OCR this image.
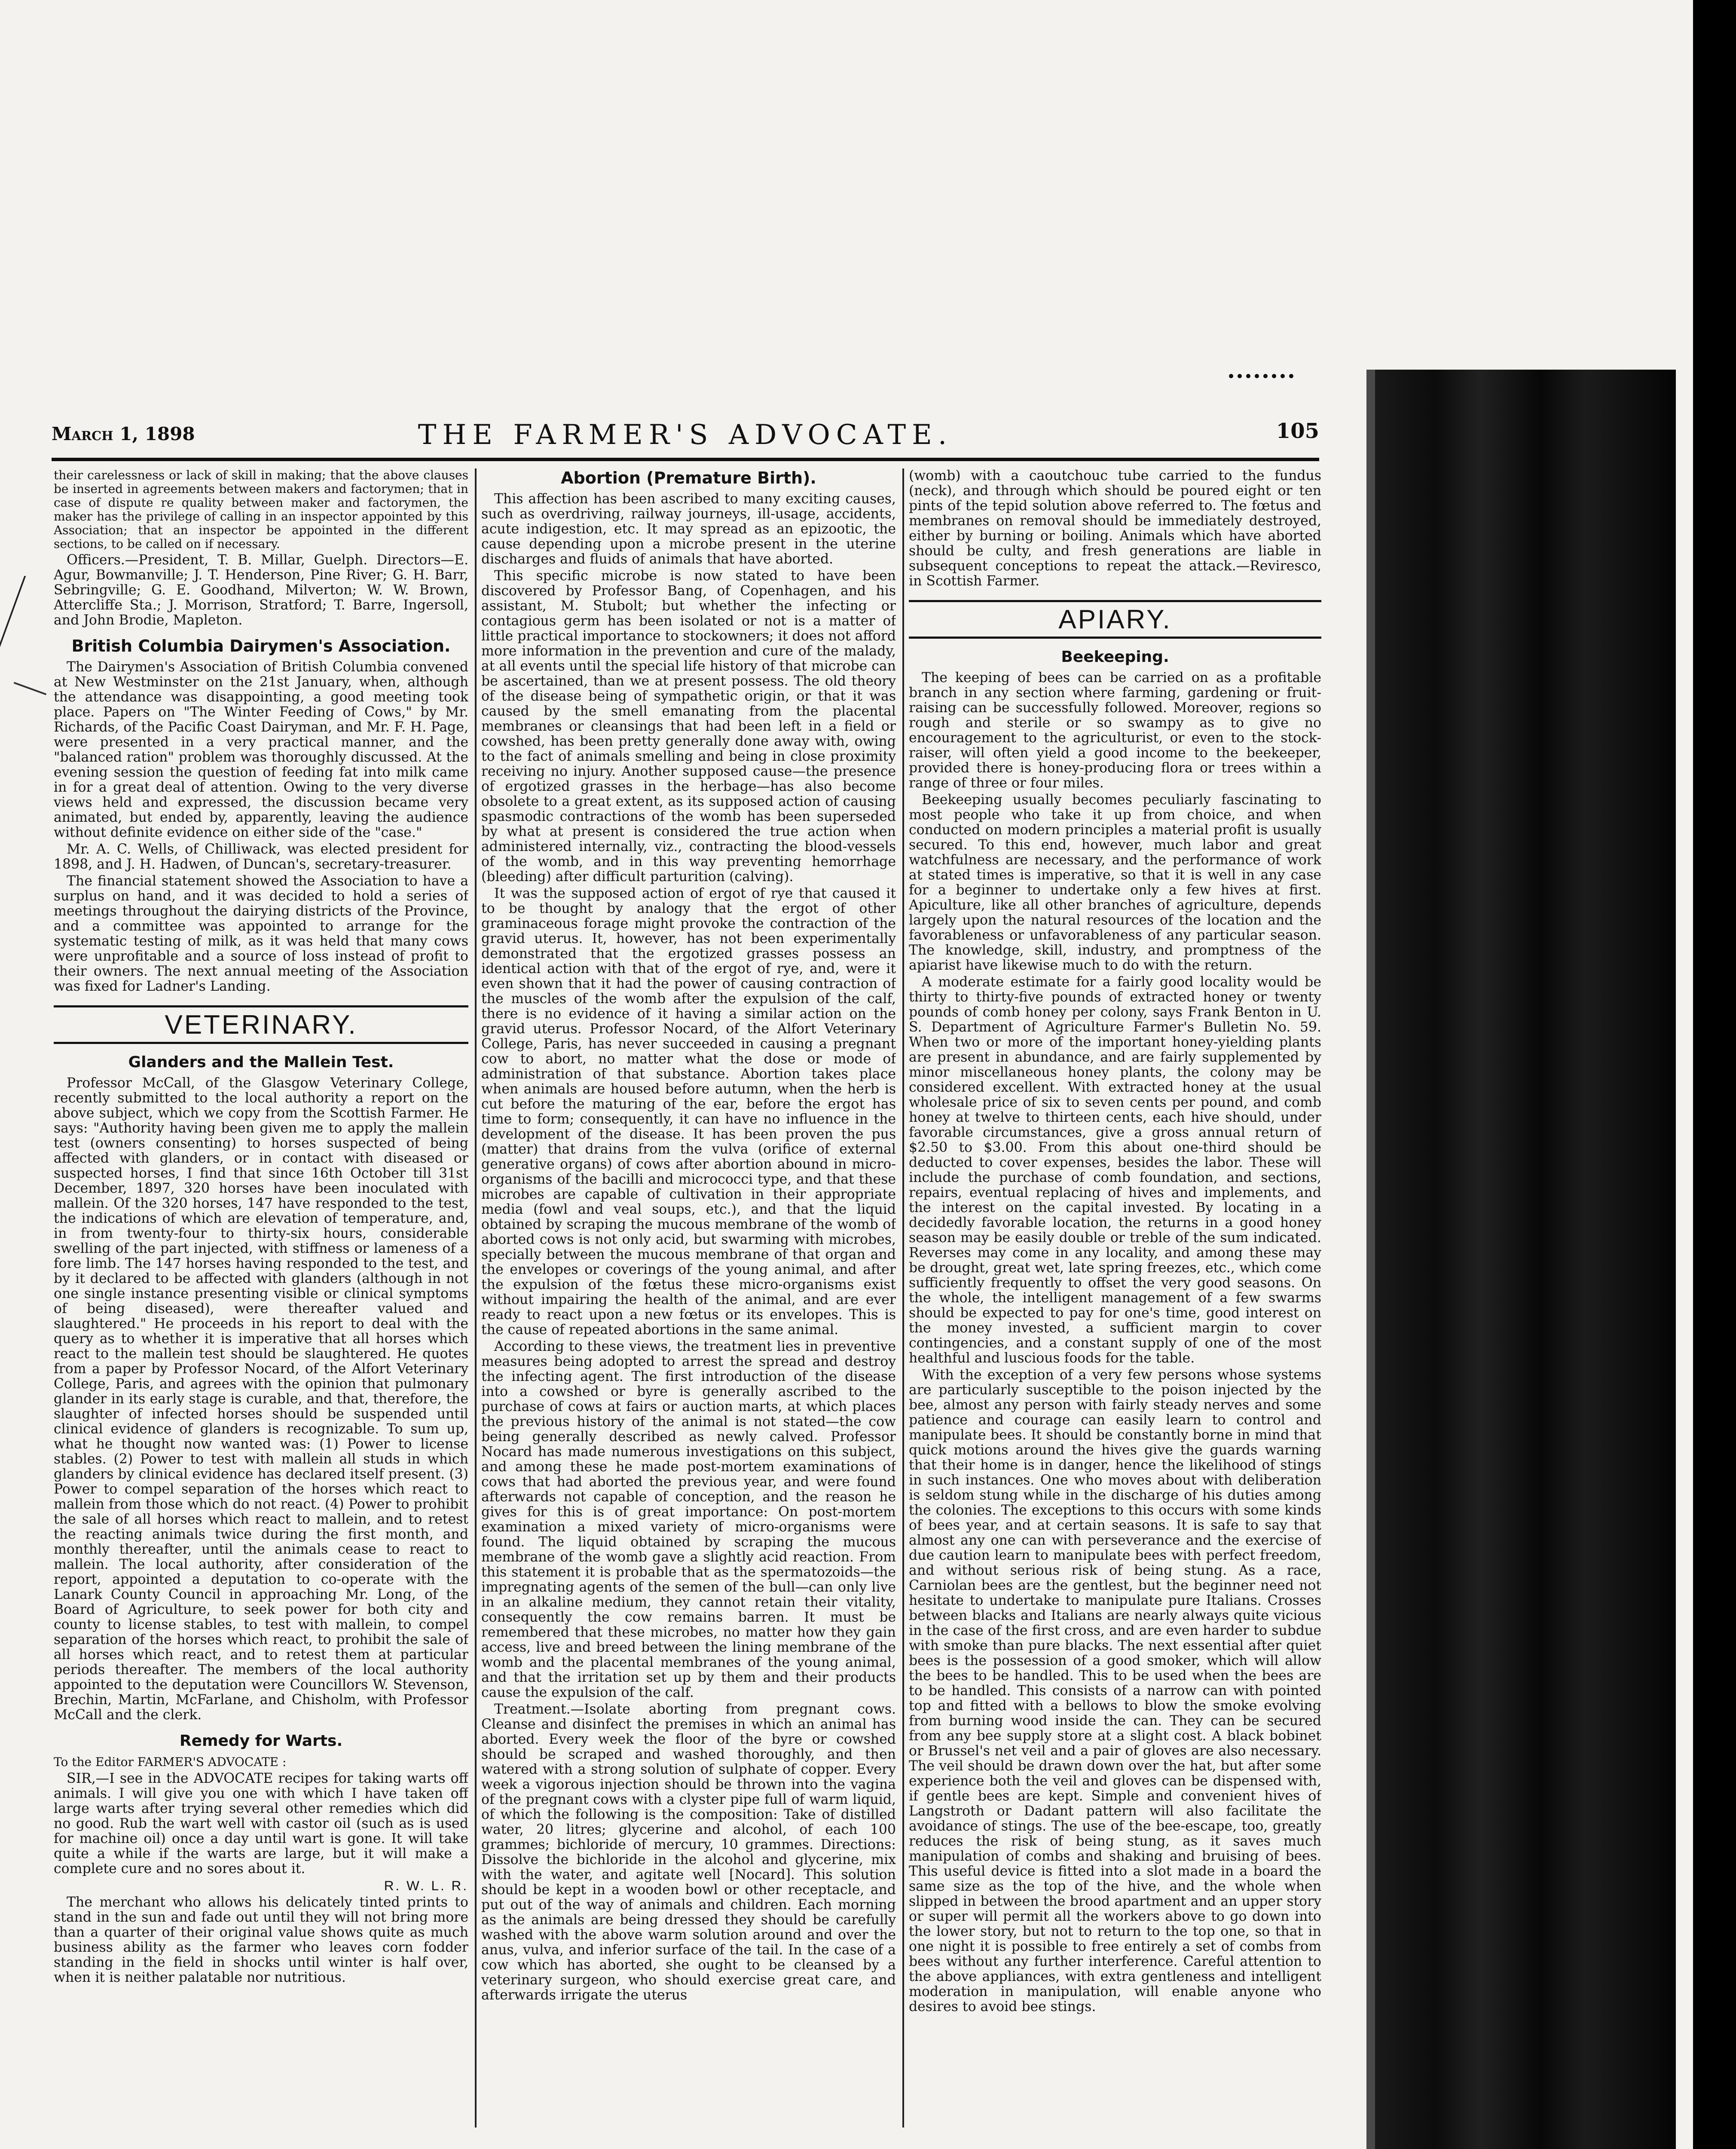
March 1, 1898	THE FARMER'S ADVOCATE.	105

their carelessness or lack of skill in making; that the above clauses be inserted in agreements between makers and factorymen; that in case of dispute re quality between maker and factorymen, the maker has the privilege of calling in an inspector appointed by this Association; that an inspector be appointed in the different sections, to be called on if necessary.

Officers.—President, T. B. Millar, Guelph. Directors—E. Agur, Bowmanville; J. T. Henderson, Pine River; G. H. Barr, Sebringville; G. E. Goodhand, Milverton; W. W. Brown, Attercliffe Sta.; J. Morrison, Stratford; T. Barre, Ingersoll, and John Brodie, Mapleton.

British Columbia Dairymen's Association.

The Dairymen's Association of British Columbia convened at New Westminster on the 21st January, when, although the attendance was disappointing, a good meeting took place. Papers on "The Winter Feeding of Cows," by Mr. Richards, of the Pacific Coast Dairyman, and Mr. F. H. Page, were presented in a very practical manner, and the "balanced ration" problem was thoroughly discussed. At the evening session the question of feeding fat into milk came in for a great deal of attention. Owing to the very diverse views held and expressed, the discussion became very animated, but ended by, apparently, leaving the audience without definite evidence on either side of the "case."

Mr. A. C. Wells, of Chilliwack, was elected president for 1898, and J. H. Hadwen, of Duncan's, secretary-treasurer.

The financial statement showed the Association to have a surplus on hand, and it was decided to hold a series of meetings throughout the dairying districts of the Province, and a committee was appointed to arrange for the systematic testing of milk, as it was held that many cows were unprofitable and a source of loss instead of profit to their owners. The next annual meeting of the Association was fixed for Ladner's Landing.

VETERINARY.
Glanders and the Mallein Test.

Professor McCall, of the Glasgow Veterinary College, recently submitted to the local authority a report on the above subject, which we copy from the Scottish Farmer. He says: "Authority having been given me to apply the mallein test (owners consenting) to horses suspected of being affected with glanders, or in contact with diseased or suspected horses, I find that since 16th October till 31st December, 1897, 320 horses have been inoculated with mallein. Of the 320 horses, 147 have responded to the test, the indications of which are elevation of temperature, and, in from twenty-four to thirty-six hours, considerable swelling of the part injected, with stiffness or lameness of a fore limb. The 147 horses having responded to the test, and by it declared to be affected with glanders (although in not one single instance presenting visible or clinical symptoms of being diseased), were thereafter valued and slaughtered." He proceeds in his report to deal with the query as to whether it is imperative that all horses which react to the mallein test should be slaughtered. He quotes from a paper by Professor Nocard, of the Alfort Veterinary College, Paris, and agrees with the opinion that pulmonary glander in its early stage is curable, and that, therefore, the slaughter of infected horses should be suspended until clinical evidence of glanders is recognizable. To sum up, what he thought now wanted was: (1) Power to license stables. (2) Power to test with mallein all studs in which glanders by clinical evidence has declared itself present. (3) Power to compel separation of the horses which react to mallein from those which do not react. (4) Power to prohibit the sale of all horses which react to mallein, and to retest the reacting animals twice during the first month, and monthly thereafter, until the animals cease to react to mallein. The local authority, after consideration of the report, appointed a deputation to co-operate with the Lanark County Council in approaching Mr. Long, of the Board of Agriculture, to seek power for both city and county to license stables, to test with mallein, to compel separation of the horses which react, to prohibit the sale of all horses which react, and to retest them at particular periods thereafter. The members of the local authority appointed to the deputation were Councillors W. Stevenson, Brechin, Martin, McFarlane, and Chisholm, with Professor McCall and the clerk.

Remedy for Warts.

To the Editor FARMER'S ADVOCATE :

SIR,—I see in the ADVOCATE recipes for taking warts off animals. I will give you one with which I have taken off large warts after trying several other remedies which did no good. Rub the wart well with castor oil (such as is used for machine oil) once a day until wart is gone. It will take quite a while if the warts are large, but it will make a complete cure and no sores about it.

R. W. L. R.

The merchant who allows his delicately tinted prints to stand in the sun and fade out until they will not bring more than a quarter of their original value shows quite as much business ability as the farmer who leaves corn fodder standing in the field in shocks until winter is half over, when it is neither palatable nor nutritious.

Abortion (Premature Birth).

This affection has been ascribed to many exciting causes, such as overdriving, railway journeys, ill-usage, accidents, acute indigestion, etc. It may spread as an epizootic, the cause depending upon a microbe present in the uterine discharges and fluids of animals that have aborted.

This specific microbe is now stated to have been discovered by Professor Bang, of Copenhagen, and his assistant, M. Stubolt; but whether the infecting or contagious germ has been isolated or not is a matter of little practical importance to stockowners; it does not afford more information in the prevention and cure of the malady, at all events until the special life history of that microbe can be ascertained, than we at present possess. The old theory of the disease being of sympathetic origin, or that it was caused by the smell emanating from the placental membranes or cleansings that had been left in a field or cowshed, has been pretty generally done away with, owing to the fact of animals smelling and being in close proximity receiving no injury. Another supposed cause—the presence of ergotized grasses in the herbage—has also become obsolete to a great extent, as its supposed action of causing spasmodic contractions of the womb has been superseded by what at present is considered the true action when administered internally, viz., contracting the blood-vessels of the womb, and in this way preventing hemorrhage (bleeding) after difficult parturition (calving).

It was the supposed action of ergot of rye that caused it to be thought by analogy that the ergot of other graminaceous forage might provoke the contraction of the gravid uterus. It, however, has not been experimentally demonstrated that the ergotized grasses possess an identical action with that of the ergot of rye, and, were it even shown that it had the power of causing contraction of the muscles of the womb after the expulsion of the calf, there is no evidence of it having a similar action on the gravid uterus. Professor Nocard, of the Alfort Veterinary College, Paris, has never succeeded in causing a pregnant cow to abort, no matter what the dose or mode of administration of that substance. Abortion takes place when animals are housed before autumn, when the herb is cut before the maturing of the ear, before the ergot has time to form; consequently, it can have no influence in the development of the disease. It has been proven the pus (matter) that drains from the vulva (orifice of external generative organs) of cows after abortion abound in micro-organisms of the bacilli and micrococci type, and that these microbes are capable of cultivation in their appropriate media (fowl and veal soups, etc.), and that the liquid obtained by scraping the mucous membrane of the womb of aborted cows is not only acid, but swarming with microbes, specially between the mucous membrane of that organ and the envelopes or coverings of the young animal, and after the expulsion of the fœtus these micro-organisms exist without impairing the health of the animal, and are ever ready to react upon a new fœtus or its envelopes. This is the cause of repeated abortions in the same animal.

According to these views, the treatment lies in preventive measures being adopted to arrest the spread and destroy the infecting agent. The first introduction of the disease into a cowshed or byre is generally ascribed to the purchase of cows at fairs or auction marts, at which places the previous history of the animal is not stated—the cow being generally described as newly calved. Professor Nocard has made numerous investigations on this subject, and among these he made post-mortem examinations of cows that had aborted the previous year, and were found afterwards not capable of conception, and the reason he gives for this is of great importance: On post-mortem examination a mixed variety of micro-organisms were found. The liquid obtained by scraping the mucous membrane of the womb gave a slightly acid reaction. From this statement it is probable that as the spermatozoids—the impregnating agents of the semen of the bull—can only live in an alkaline medium, they cannot retain their vitality, consequently the cow remains barren. It must be remembered that these microbes, no matter how they gain access, live and breed between the lining membrane of the womb and the placental membranes of the young animal, and that the irritation set up by them and their products cause the expulsion of the calf.

Treatment.—Isolate aborting from pregnant cows. Cleanse and disinfect the premises in which an animal has aborted. Every week the floor of the byre or cowshed should be scraped and washed thoroughly, and then watered with a strong solution of sulphate of copper. Every week a vigorous injection should be thrown into the vagina of the pregnant cows with a clyster pipe full of warm liquid, of which the following is the composition: Take of distilled water, 20 litres; glycerine and alcohol, of each 100 grammes; bichloride of mercury, 10 grammes. Directions: Dissolve the bichloride in the alcohol and glycerine, mix with the water, and agitate well [Nocard]. This solution should be kept in a wooden bowl or other receptacle, and put out of the way of animals and children. Each morning as the animals are being dressed they should be carefully washed with the above warm solution around and over the anus, vulva, and inferior surface of the tail. In the case of a cow which has aborted, she ought to be cleansed by a veterinary surgeon, who should exercise great care, and afterwards irrigate the uterus

(womb) with a caoutchouc tube carried to the fundus (neck), and through which should be poured eight or ten pints of the tepid solution above referred to. The fœtus and membranes on removal should be immediately destroyed, either by burning or boiling. Animals which have aborted should be culty, and fresh generations are liable in subsequent conceptions to repeat the attack.—Reviresco, in Scottish Farmer.

APIARY.
Beekeeping.

The keeping of bees can be carried on as a profitable branch in any section where farming, gardening or fruit-raising can be successfully followed. Moreover, regions so rough and sterile or so swampy as to give no encouragement to the agriculturist, or even to the stock-raiser, will often yield a good income to the beekeeper, provided there is honey-producing flora or trees within a range of three or four miles.

Beekeeping usually becomes peculiarly fascinating to most people who take it up from choice, and when conducted on modern principles a material profit is usually secured. To this end, however, much labor and great watchfulness are necessary, and the performance of work at stated times is imperative, so that it is well in any case for a beginner to undertake only a few hives at first. Apiculture, like all other branches of agriculture, depends largely upon the natural resources of the location and the favorableness or unfavorableness of any particular season. The knowledge, skill, industry, and promptness of the apiarist have likewise much to do with the return.

A moderate estimate for a fairly good locality would be thirty to thirty-five pounds of extracted honey or twenty pounds of comb honey per colony, says Frank Benton in U. S. Department of Agriculture Farmer's Bulletin No. 59. When two or more of the important honey-yielding plants are present in abundance, and are fairly supplemented by minor miscellaneous honey plants, the colony may be considered excellent. With extracted honey at the usual wholesale price of six to seven cents per pound, and comb honey at twelve to thirteen cents, each hive should, under favorable circumstances, give a gross annual return of $2.50 to $3.00. From this about one-third should be deducted to cover expenses, besides the labor. These will include the purchase of comb foundation, and sections, repairs, eventual replacing of hives and implements, and the interest on the capital invested. By locating in a decidedly favorable location, the returns in a good honey season may be easily double or treble of the sum indicated. Reverses may come in any locality, and among these may be drought, great wet, late spring freezes, etc., which come sufficiently frequently to offset the very good seasons. On the whole, the intelligent management of a few swarms should be expected to pay for one's time, good interest on the money invested, a sufficient margin to cover contingencies, and a constant supply of one of the most healthful and luscious foods for the table.

With the exception of a very few persons whose systems are particularly susceptible to the poison injected by the bee, almost any person with fairly steady nerves and some patience and courage can easily learn to control and manipulate bees. It should be constantly borne in mind that quick motions around the hives give the guards warning that their home is in danger, hence the likelihood of stings in such instances. One who moves about with deliberation is seldom stung while in the discharge of his duties among the colonies. The exceptions to this occurs with some kinds of bees year, and at certain seasons. It is safe to say that almost any one can with perseverance and the exercise of due caution learn to manipulate bees with perfect freedom, and without serious risk of being stung. As a race, Carniolan bees are the gentlest, but the beginner need not hesitate to undertake to manipulate pure Italians. Crosses between blacks and Italians are nearly always quite vicious in the case of the first cross, and are even harder to subdue with smoke than pure blacks. The next essential after quiet bees is the possession of a good smoker, which will allow the bees to be handled. This to be used when the bees are to be handled. This consists of a narrow can with pointed top and fitted with a bellows to blow the smoke evolving from burning wood inside the can. They can be secured from any bee supply store at a slight cost. A black bobinet or Brussel's net veil and a pair of gloves are also necessary. The veil should be drawn down over the hat, but after some experience both the veil and gloves can be dispensed with, if gentle bees are kept. Simple and convenient hives of Langstroth or Dadant pattern will also facilitate the avoidance of stings. The use of the bee-escape, too, greatly reduces the risk of being stung, as it saves much manipulation of combs and shaking and bruising of bees. This useful device is fitted into a slot made in a board the same size as the top of the hive, and the whole when slipped in between the brood apartment and an upper story or super will permit all the workers above to go down into the lower story, but not to return to the top one, so that in one night it is possible to free entirely a set of combs from bees without any further interference. Careful attention to the above appliances, with extra gentleness and intelligent moderation in manipulation, will enable anyone who desires to avoid bee stings.
